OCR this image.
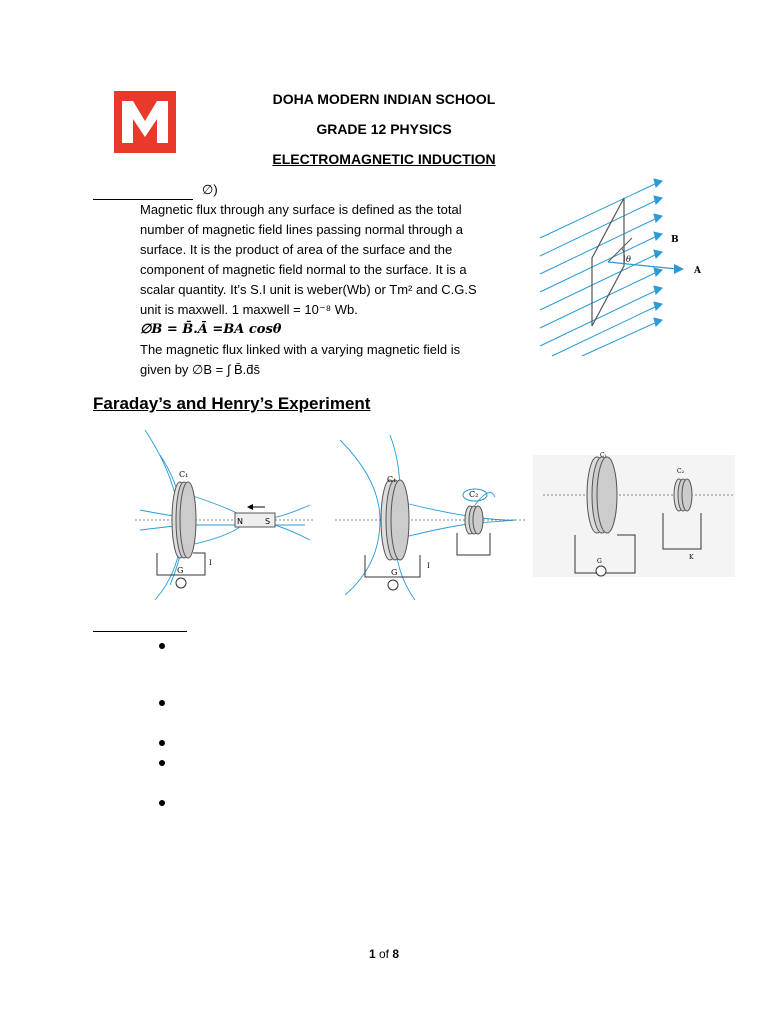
DOHA MODERN INDIAN SCHOOL
GRADE 12 PHYSICS
ELECTROMAGNETIC INDUCTION
∅)

Magnetic flux through any surface is defined as the total

number of magnetic field lines passing normal through a

surface. It is the product of area of the surface and the

component of magnetic field normal to the surface. It is a

scalar quantity. It’s S.I unit is weber(Wb) or Tm² and C.G.S

unit is maxwell. 1 maxwell = 10⁻⁸ Wb.

∅B = B̄.Ā =BA cosθ

The magnetic flux linked with a varying magnetic field is

given by ∅B = ∫ B̄.d̄s̄

B
A
θ
Faraday’s and Henry’s Experiment
N	S
C₁
G
I
C₁
C₂
G
I
C₁
C₂
G
K
1 of 8
